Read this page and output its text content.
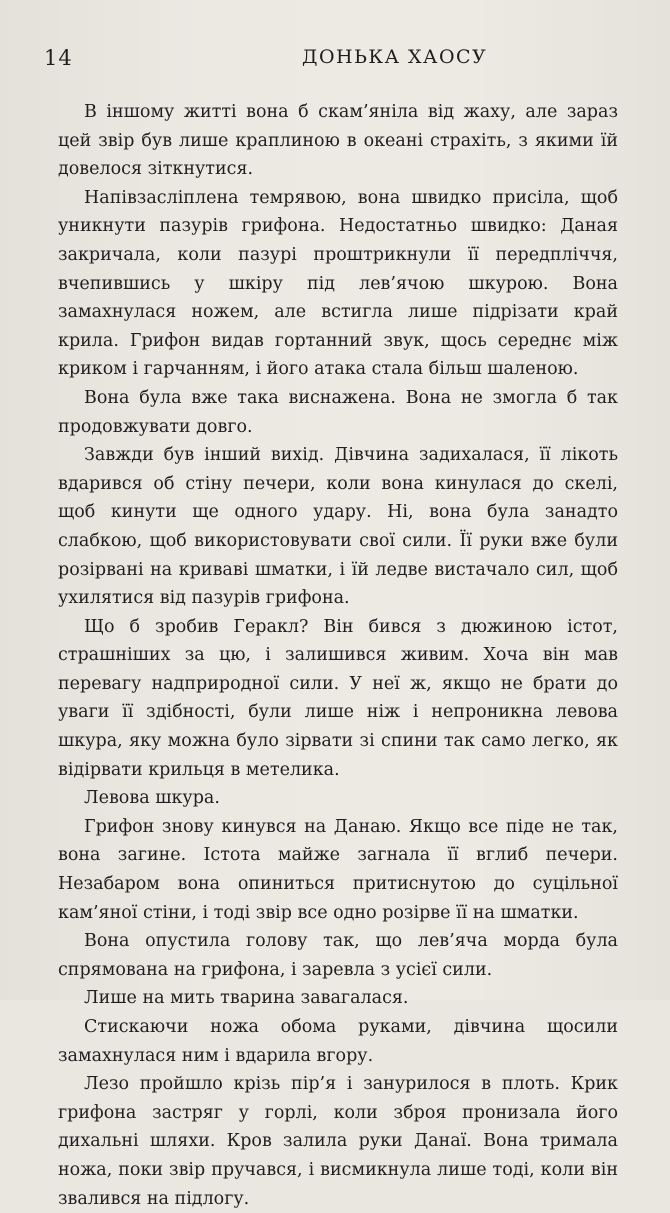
14	ДОНЬКА ХАОСУ

В іншому житті вона б скам’яніла від жаху, але зараз цей звір був лише краплиною в океані страхіть, з якими їй довелося зіткнутися.

Напівзасліплена темрявою, вона швидко присіла, щоб уникнути пазурів грифона. Недостатньо швидко: Даная закричала, коли пазурі проштрикнули її передпліччя, вчепившись у шкіру під лев’ячою шкурою. Вона замахнулася ножем, але встигла лише підрізaти край крила. Грифон видав гортанний звук, щось середнє між криком і гарчанням, і його атака стала більш шаленою.

Вона була вже така виснажена. Вона не змогла б так продовжувати довго.

Завжди був інший вихід. Дівчина задихалася, її лікоть вдарився об стіну печери, коли вона кинулася до скелі, щоб кинути ще одного удару. Ні, вона була занадто слабкою, щоб використовувати свої сили. Її руки вже були розірвані на криваві шматки, і їй ледве вистачало сил, щоб ухилятися від пазурів грифона.

Що б зробив Геракл? Він бився з дюжиною істот, страшніших за цю, і залишився живим. Хоча він мав перевагу надприродної сили. У неї ж, якщо не брати до уваги її здібності, були лише ніж і непроникна левова шкура, яку можна було зірвати зі спини так само легко, як відірвати крильця в метелика.

Левова шкура.

Грифон знову кинувся на Данаю. Якщо все піде не так, вона загине. Істота майже загнала її вглиб печери. Незабаром вона опиниться притиснутою до суцільної кам’яної стіни, і тоді звір все одно розірве її на шматки.

Вона опустила голову так, що лев’яча морда була спрямована на грифона, і заревла з усієї сили.

Лише на мить тварина завагалася.

Стискаючи ножа обома руками, дівчина щосили замахнулася ним і вдарила вгору.

Лезо пройшло крізь пір’я і занурилося в плоть. Крик грифона застряг у горлі, коли зброя пронизала його дихальні шляхи. Кров залила руки Данаї. Вона тримала ножа, поки звір пручався, і висмикнула лише тоді, коли він звалився на підлогу.
